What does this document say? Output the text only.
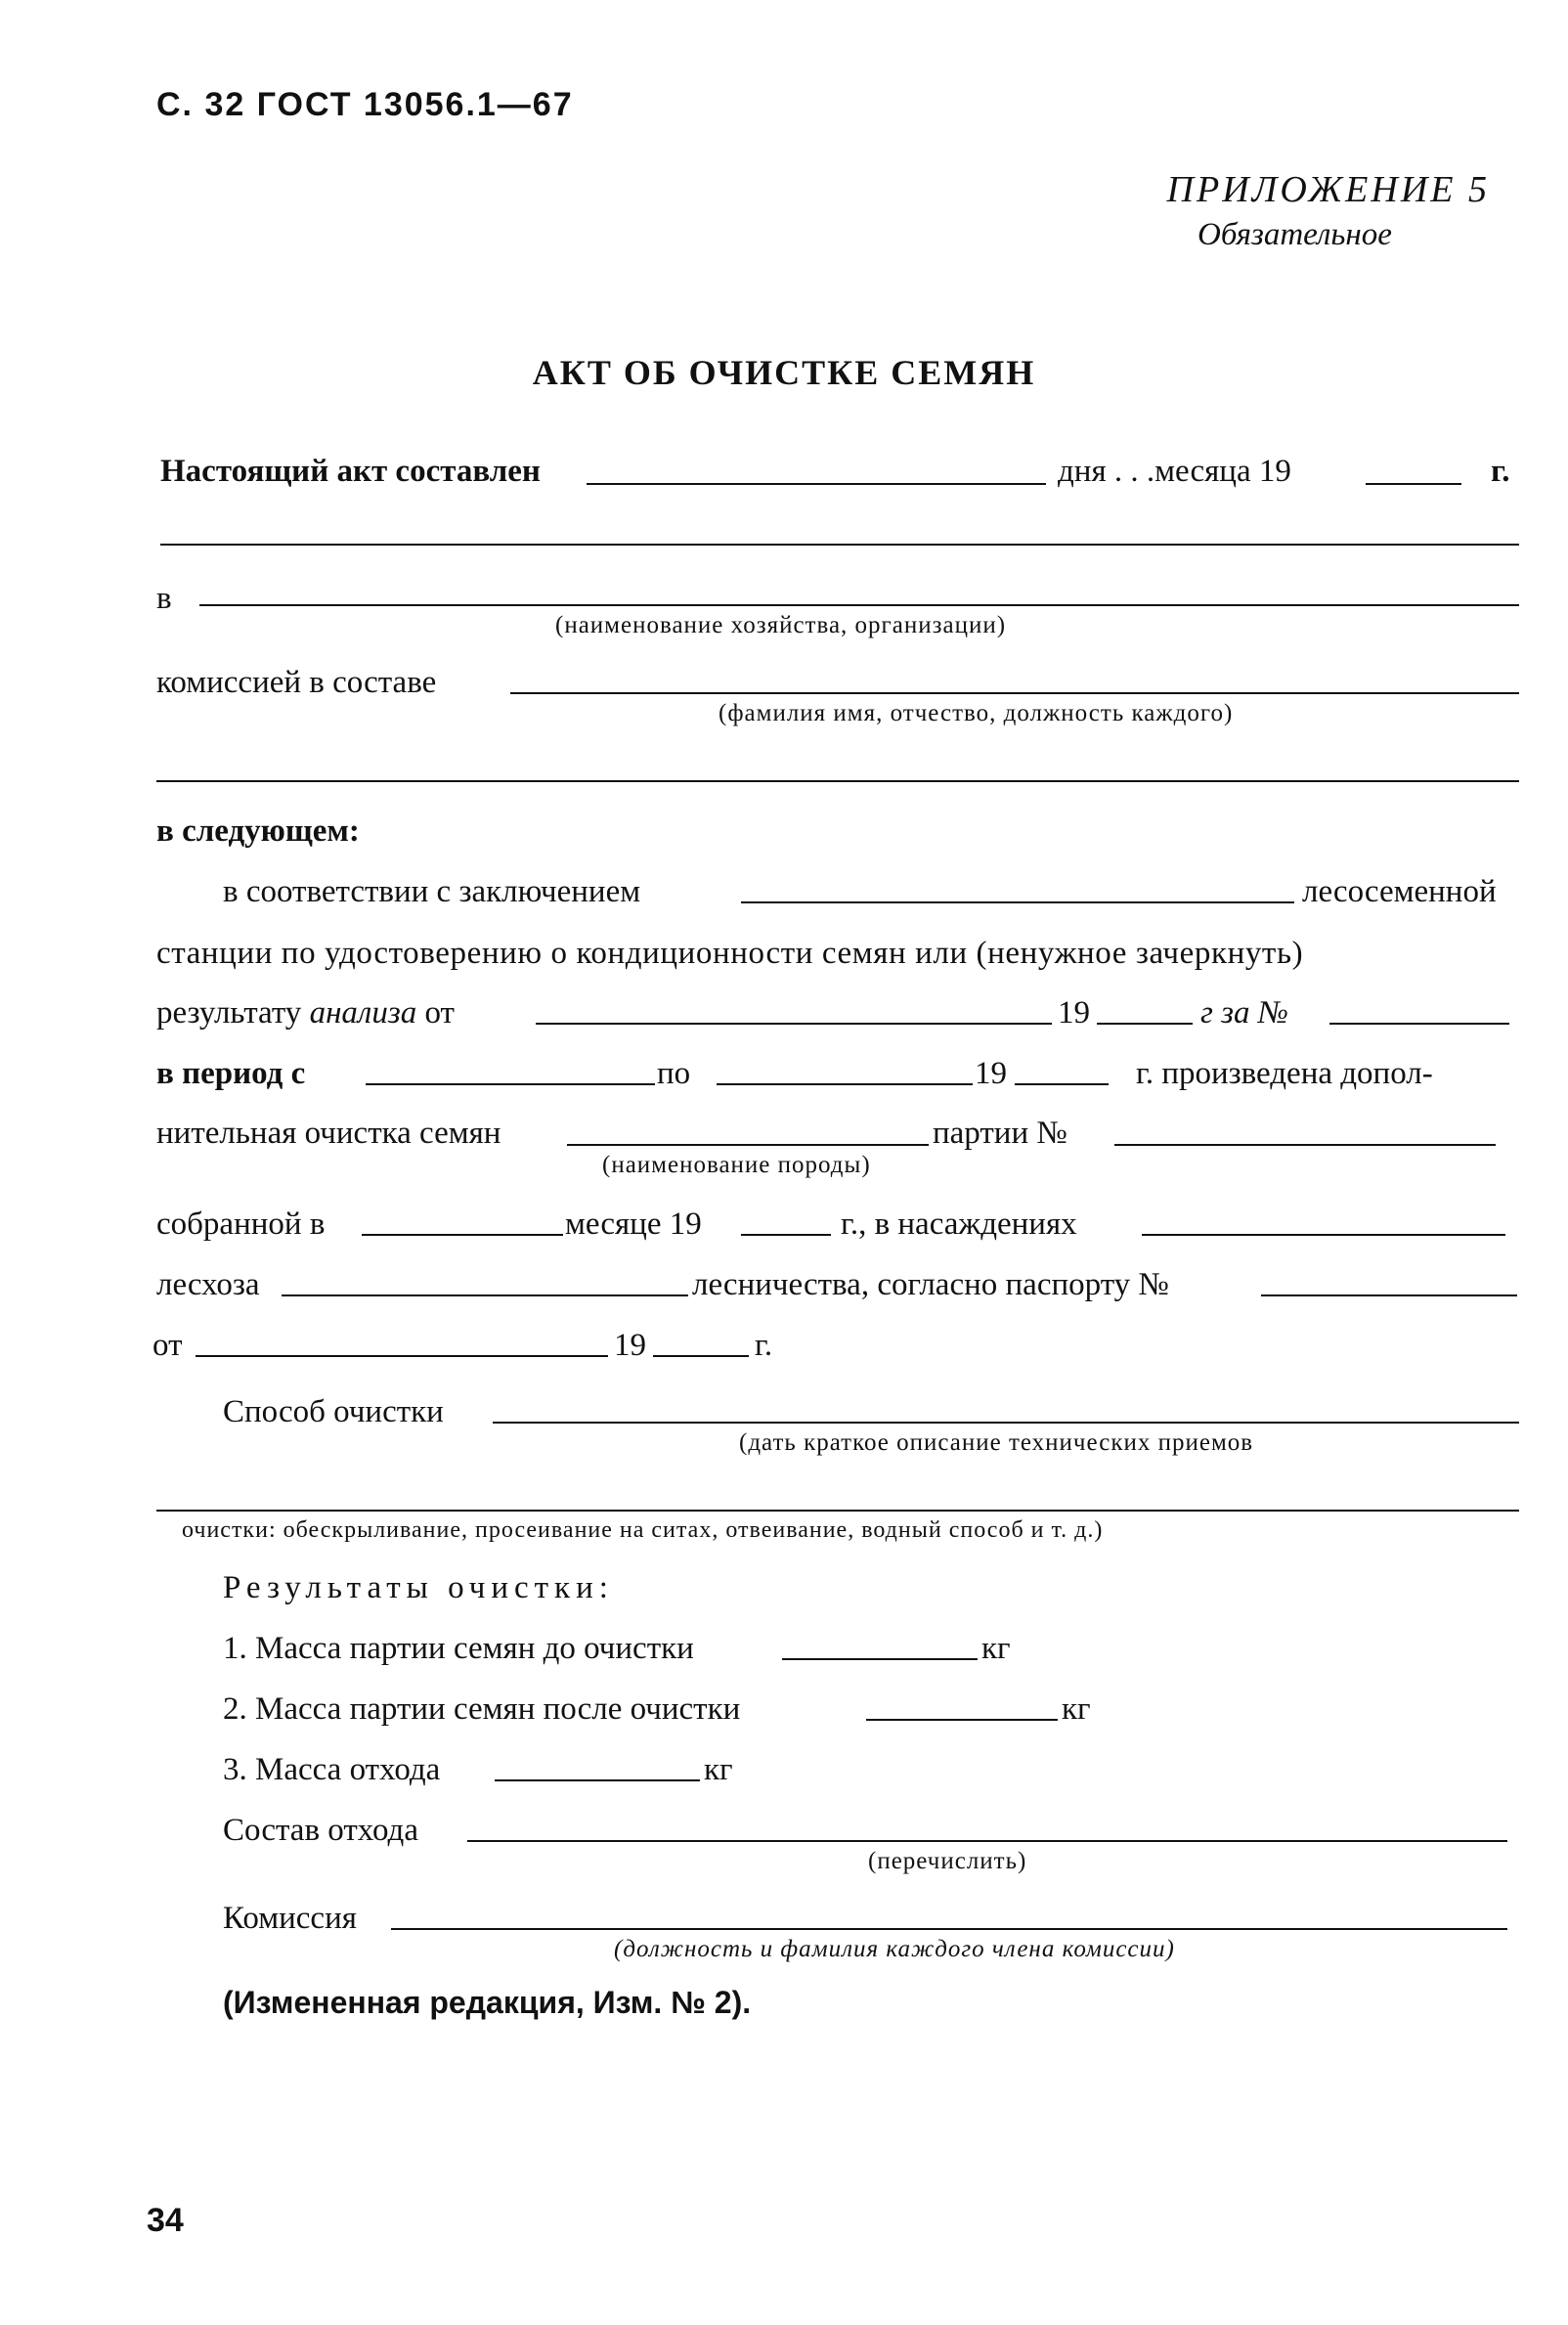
С. 32 ГОСТ 13056.1—67
ПРИЛОЖЕНИЕ 5
Обязательное
АКТ ОБ ОЧИСТКЕ СЕМЯН
Настоящий акт составлен	дня . . .месяца 19	г.
в
(наименование хозяйства, организации)
комиссией в составе
(фамилия имя, отчество, должность каждого)
в следующем:
в соответствии с заключением	лесосеменной
станции по удостоверению о кондиционности семян или (ненужное зачеркнуть)
результату анализа от	19	г за №
в период с	по	19	г. произведена допол-
нительная очистка семян
(наименование породы)
партии №
собранной в	месяце 19	г., в насаждениях
лесхоза	лесничества, согласно паспорту №
от	19	г.
Способ очистки
(дать краткое описание технических приемов
очистки: обескрыливание, просеивание на ситах, отвеивание, водный способ и т. д.)
Результаты очистки:
1. Масса партии семян до очистки	кг
2. Масса партии семян после очистки	кг
3. Масса отхода	кг
Состав отхода
(перечислить)
Комиссия
(должность и фамилия каждого члена комиссии)
(Измененная редакция, Изм. № 2).
34
